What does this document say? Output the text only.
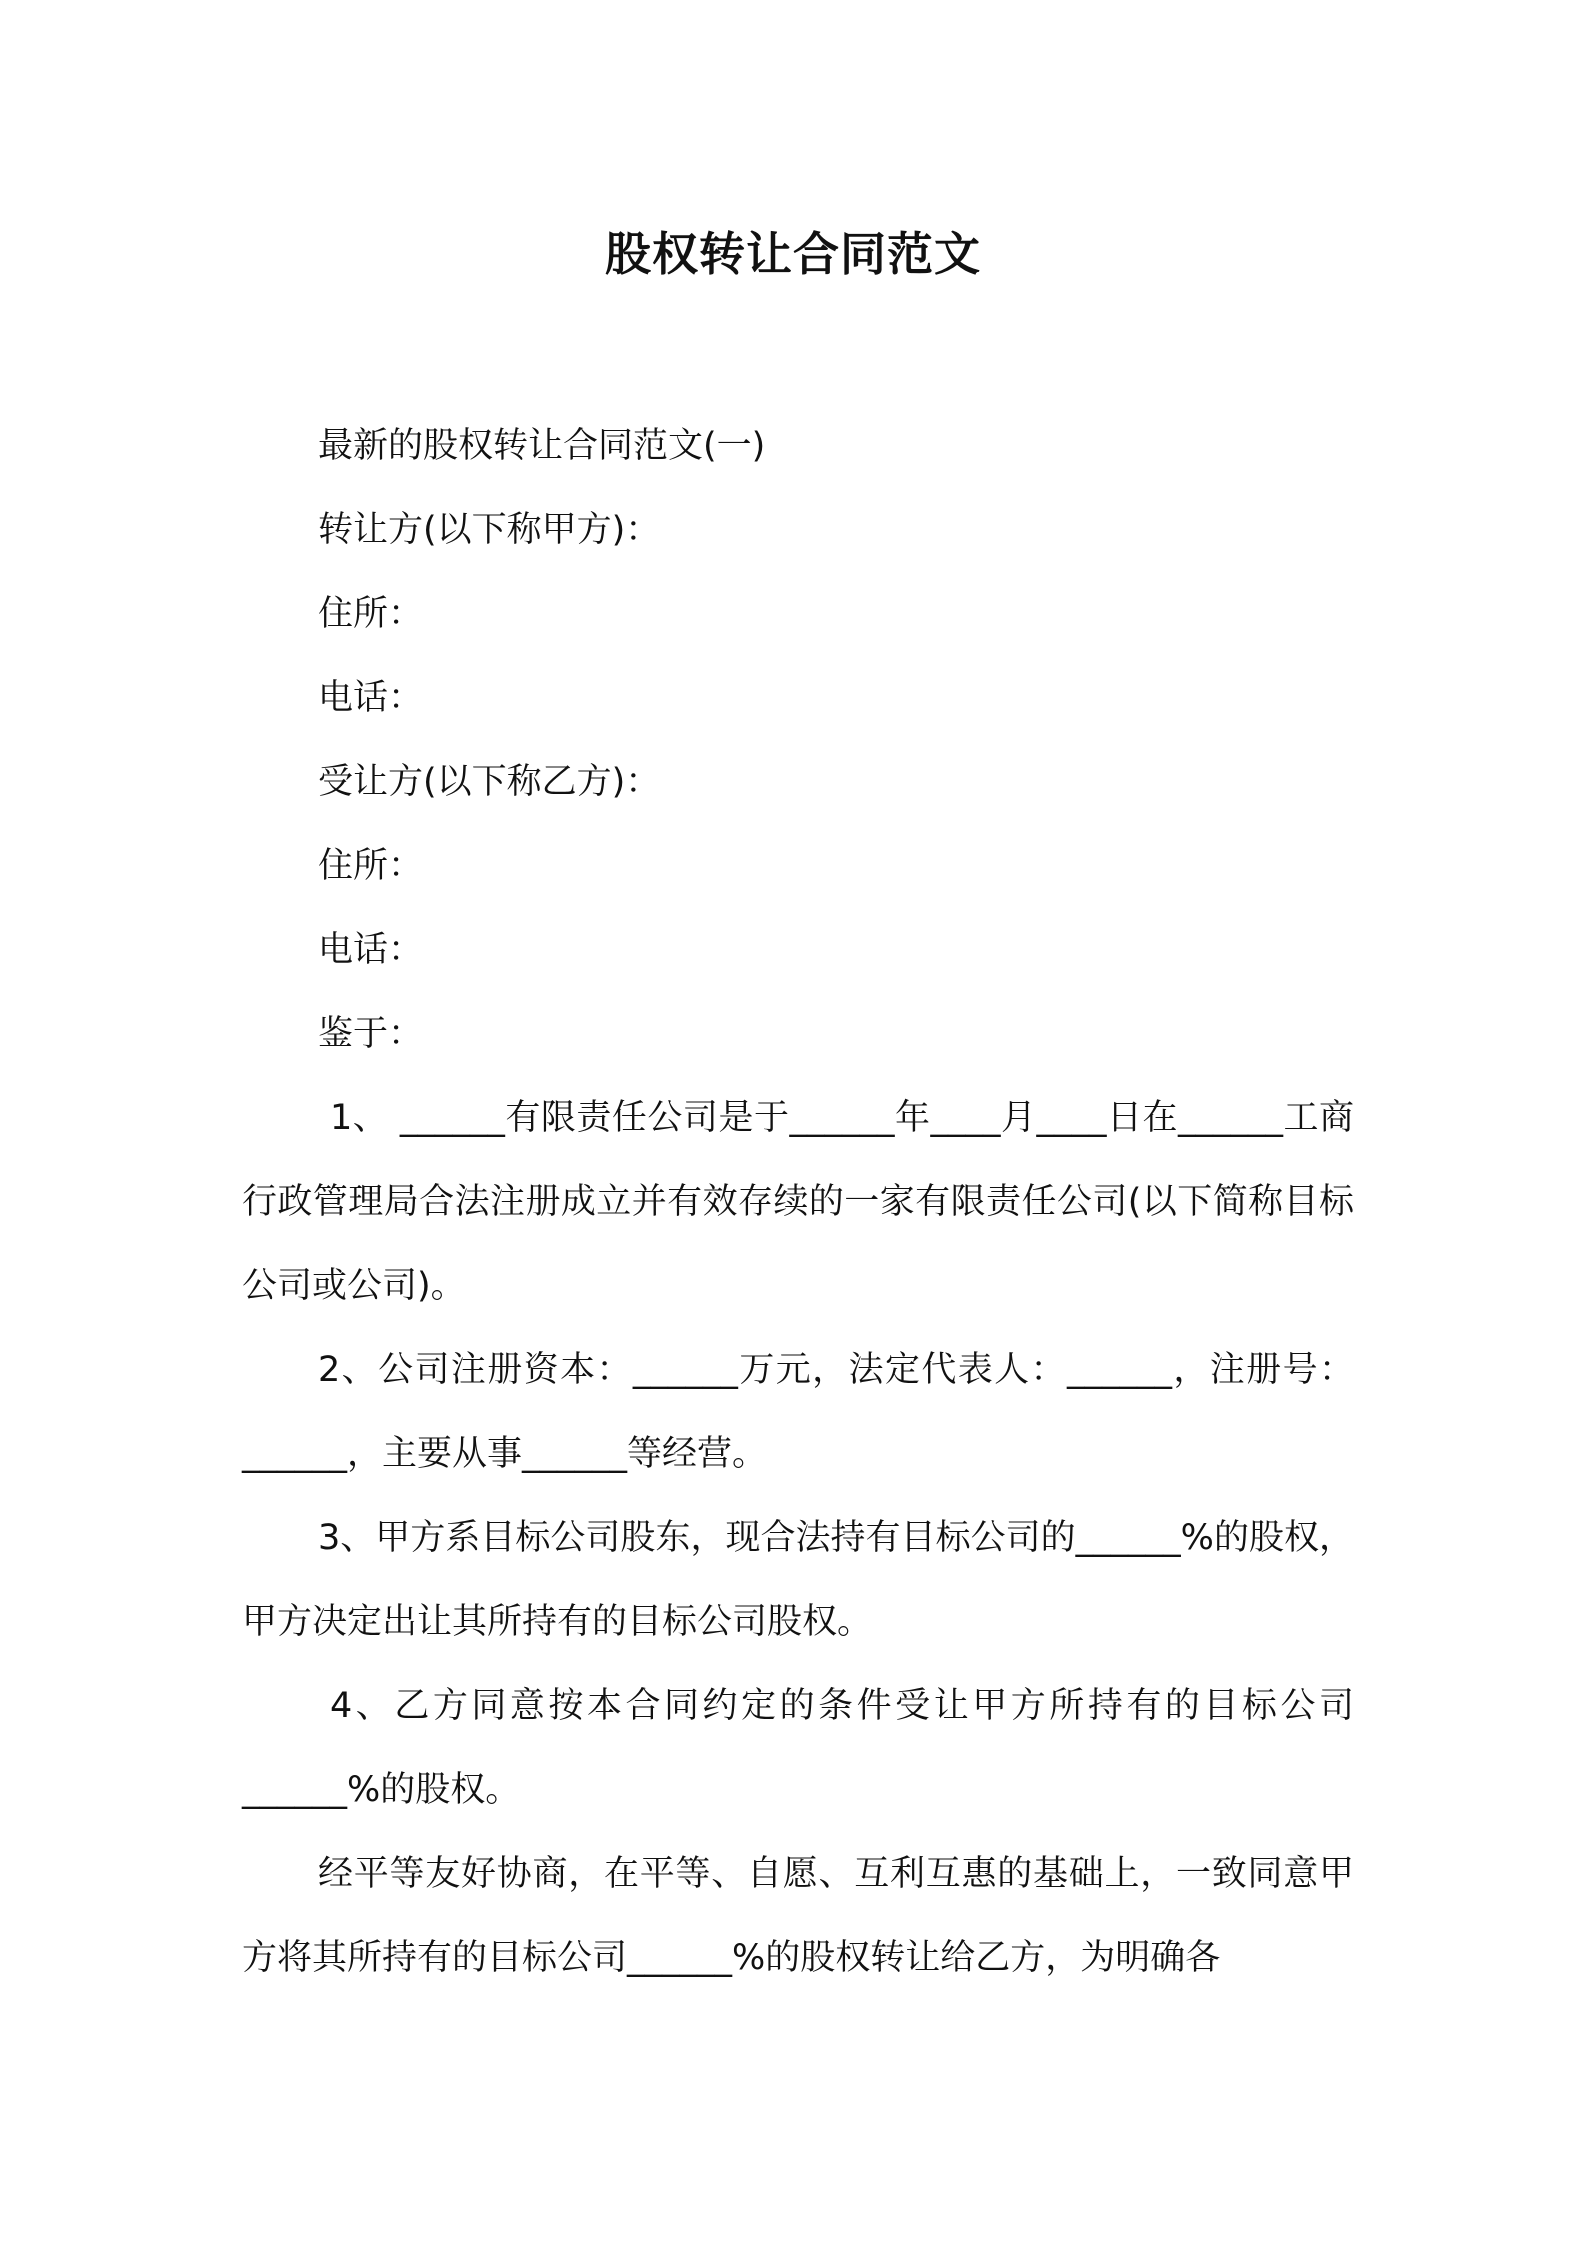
股权转让合同范文

最新的股权转让合同范文(一)

转让方(以下称甲方)：

住所：

电话：

受让方(以下称乙方)：

住所：

电话：

鉴于：

1、 ______有限责任公司是于______年____月____日在______工商行政管理局合法注册成立并有效存续的一家有限责任公司(以下简称目标公司或公司)。

2、公司注册资本：______万元，法定代表人：______，注册号：______，主要从事______等经营。

3、甲方系目标公司股东，现合法持有目标公司的______%的股权，甲方决定出让其所持有的目标公司股权。

4、乙方同意按本合同约定的条件受让甲方所持有的目标公司______%的股权。

经平等友好协商，在平等、自愿、互利互惠的基础上，一致同意甲方将其所持有的目标公司______%的股权转让给乙方，为明确各
